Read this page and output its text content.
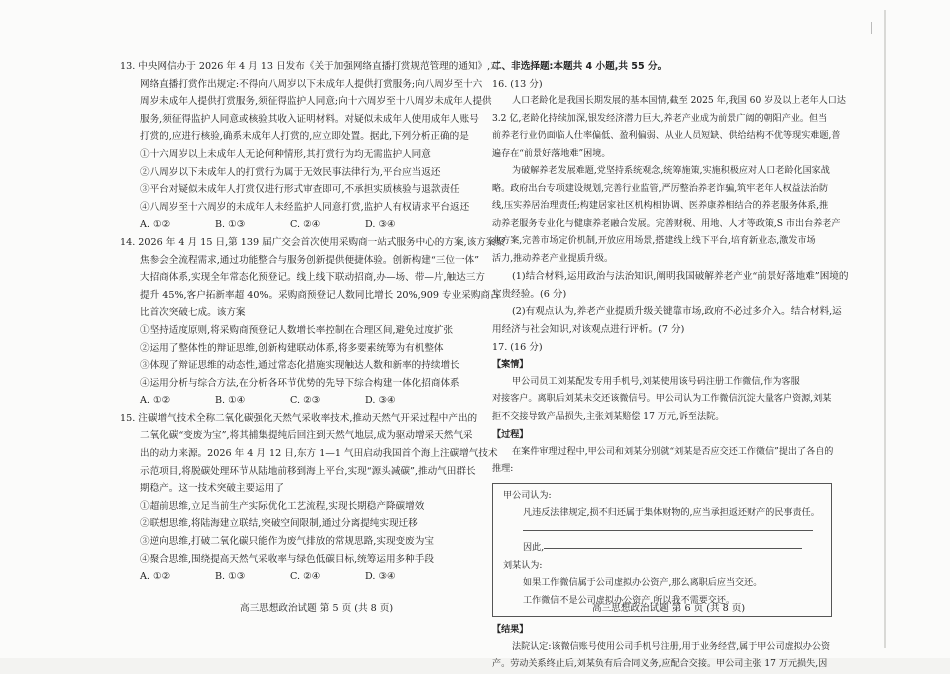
13. 中央网信办于 2026 年 4 月 13 日发布《关于加强网络直播打赏规范管理的通知》,对

网络直播打赏作出规定:不得向八周岁以下未成年人提供打赏服务;向八周岁至十六

周岁未成年人提供打赏服务,须征得监护人同意;向十六周岁至十八周岁未成年人提供

服务,须征得监护人同意或核验其收入证明材料。对疑似未成年人使用成年人账号

打赏的,应进行核验,确系未成年人打赏的,应立即处置。据此,下列分析正确的是

①十六周岁以上未成年人无论何种情形,其打赏行为均无需监护人同意

②八周岁以下未成年人的打赏行为属于无效民事法律行为,平台应当返还

③平台对疑似未成年人打赏仅进行形式审查即可,不承担实质核验与退款责任

④八周岁至十六周岁的未成年人未经监护人同意打赏,监护人有权请求平台返还

A. ①②	B. ①③	C. ②④	D. ③④

14. 2026 年 4 月 15 日,第 139 届广交会首次使用采购商一站式服务中心的方案,该方案聚

焦参会全流程需求,通过功能整合与服务创新提供便捷体验。创新构建“三位一体”

大招商体系,实现全年常态化预登记。线上线下联动招商,办—场、带—片,触达三方

提升 45%,客户拓新率超 40%。采购商预登记人数同比增长 20%,909 专业采购商占

比首次突破七成。该方案

①坚持适度原则,将采购商预登记人数增长率控制在合理区间,避免过度扩张

②运用了整体性的辩证思维,创新构建联动体系,将多要素统筹为有机整体

③体现了辩证思维的动态性,通过常态化措施实现触达人数和新率的持续增长

④运用分析与综合方法,在分析各环节优势的先导下综合构建一体化招商体系

A. ①②	B. ①④	C. ②③	D. ③④

15. 注碳增气技术全称二氧化碳强化天然气采收率技术,推动天然气开采过程中产出的

二氧化碳“变废为宝”,将其捕集提纯后回注到天然气地层,成为驱动增采天然气采

出的动力来源。2026 年 4 月 12 日,东方 1—1 气田启动我国首个海上注碳增气技术

示范项目,将脱碳处理环节从陆地前移到海上平台,实现“源头减碳”,推动气田群长

期稳产。这一技术突破主要运用了

①超前思维,立足当前生产实际优化工艺流程,实现长期稳产降碳增效

②联想思维,将陆海建立联结,突破空间限制,通过分离提纯实现迁移

③逆向思维,打破二氧化碳只能作为废气排放的常规思路,实现变废为宝

④聚合思维,围绕提高天然气采收率与绿色低碳目标,统筹运用多种手段

A. ①②	B. ①③	C. ②④	D. ③④

二、非选择题:本题共 4 小题,共 55 分。

16. (13 分)

人口老龄化是我国长期发展的基本国情,截至 2025 年,我国 60 岁及以上老年人口达

3.2 亿,老龄化持续加深,银发经济潜力巨大,养老产业成为前景广阔的朝阳产业。但当

前养老行业仍面临人仕率偏低、盈利偏弱、从业人员短缺、供给结构不优等现实难题,普

遍存在“前景好落地难”困境。

为破解养老发展难题,党坚持系统观念,统筹施策,实施积极应对人口老龄化国家战

略。政府出台专项建设规划,完善行业监管,严厉整治养老诈骗,筑牢老年人权益法治防

线,压实养居治理责任;构建居家社区机构相协调、医养康养相结合的养老服务体系,推

动养老服务专业化与健康养老融合发展。完善财税、用地、人才等政策,S 市出台养老产

业方案,完善市场定价机制,开放应用场景,搭建线上线下平台,培育新业态,激发市场

活力,推动养老产业提质升级。

(1)结合材料,运用政治与法治知识,阐明我国破解养老产业“前景好落地难”困境的

宝贵经验。(6 分)

(2)有观点认为,养老产业提质升级关键靠市场,政府不必过多介入。结合材料,运

用经济与社会知识,对该观点进行评析。(7 分)

17. (16 分)

【案情】

甲公司员工刘某配发专用手机号,刘某使用该号码注册工作微信,作为客服

对接客户。离职后刘某未交还该微信号。甲公司认为工作微信沉淀大量客户资源,刘某

拒不交接导致产品损失,主张刘某赔偿 17 万元,诉至法院。

【过程】

在案件审理过程中,甲公司和刘某分别就“刘某是否应交还工作微信”提出了各自的

推理:

甲公司认为:

凡违反法律规定,损不归还属于集体财物的,应当承担返还财产的民事责任。

因此,

刘某认为:

如果工作微信属于公司虚拟办公资产,那么离职后应当交还。

工作微信不是公司虚拟办公资产,所以我不需要交还。

【结果】

法院认定:该微信账号使用公司手机号注册,用于业务经营,属于甲公司虚拟办公资

产。劳动关系终止后,刘某负有后合同义务,应配合交接。甲公司主张 17 万元损失,因

高三思想政治试题 第 5 页 (共 8 页)	高三思想政治试题 第 6 页 (共 8 页)
